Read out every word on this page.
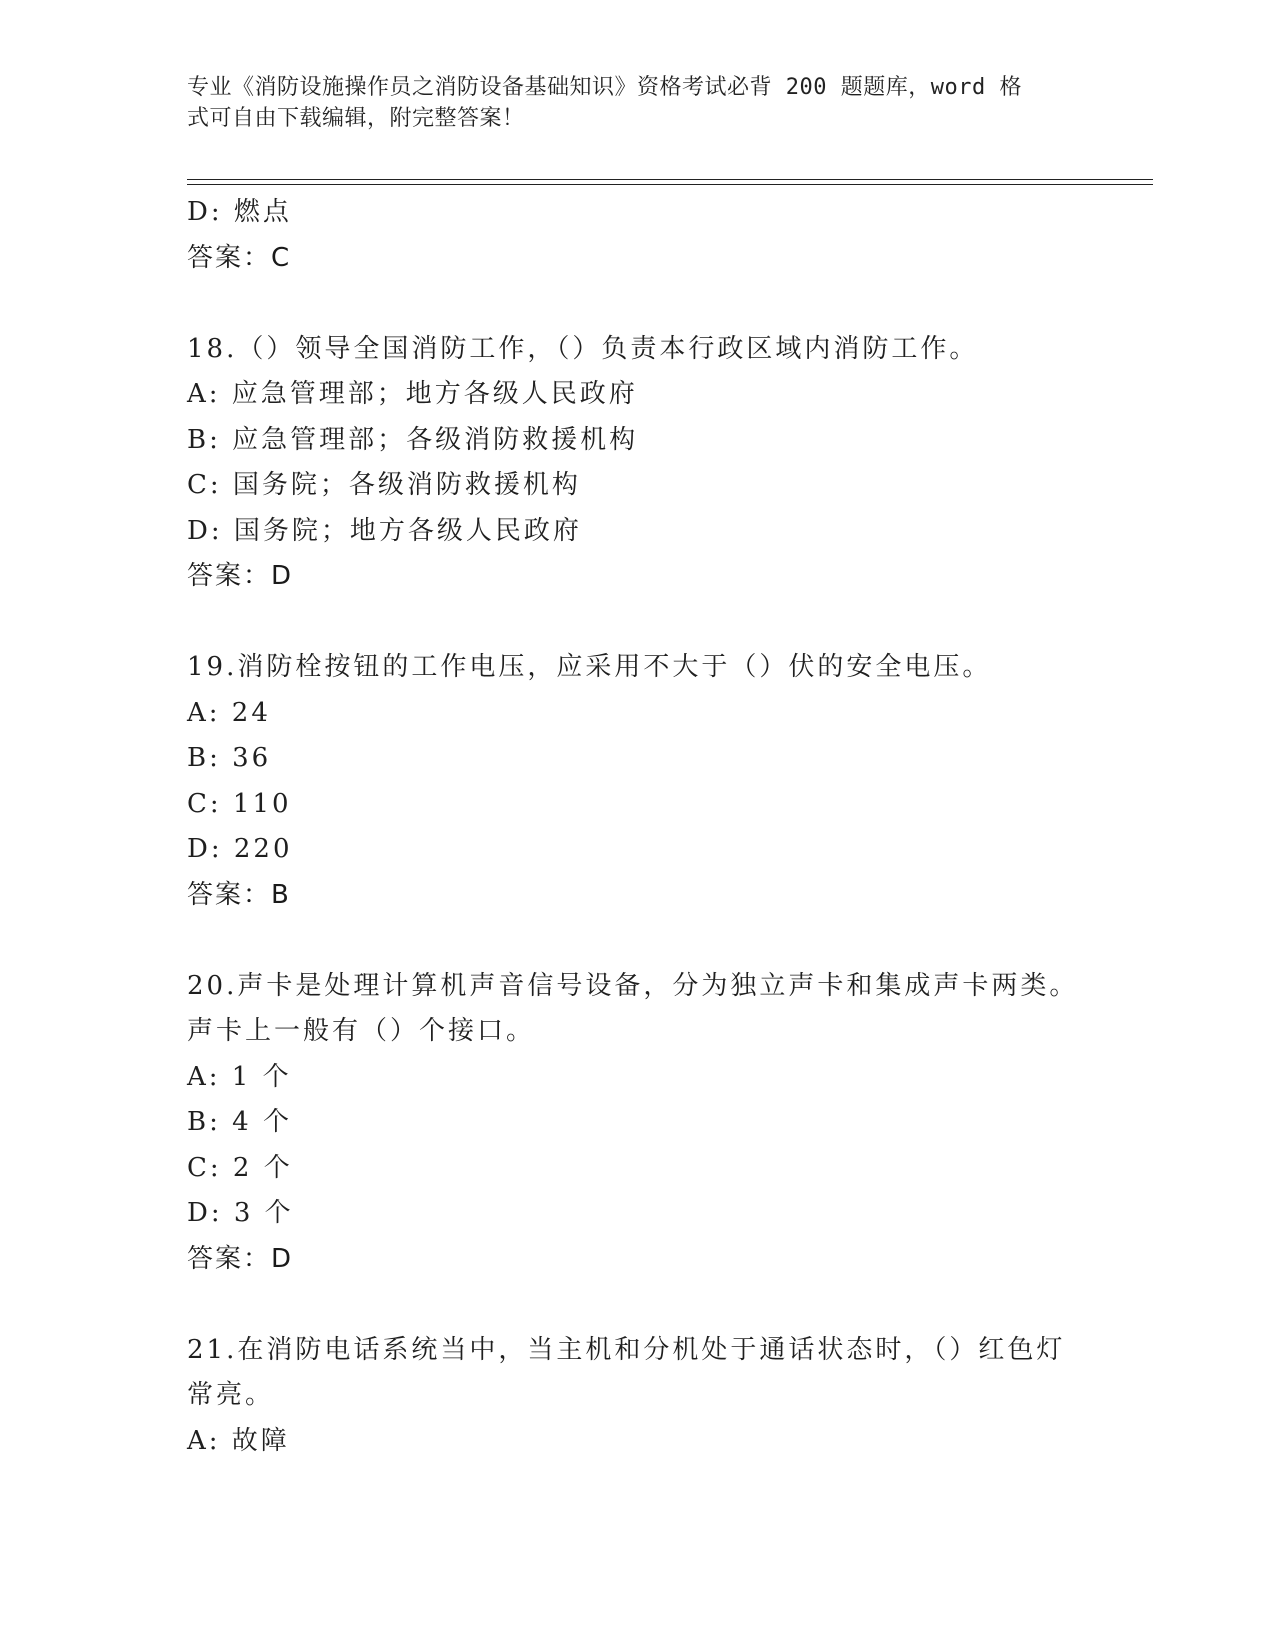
专业《消防设施操作员之消防设备基础知识》资格考试必背 200 题题库，word 格
式可自由下载编辑，附完整答案！
D: 燃点
答案：C
18.（）领导全国消防工作，（）负责本行政区域内消防工作。
A: 应急管理部；地方各级人民政府
B: 应急管理部；各级消防救援机构
C: 国务院；各级消防救援机构
D: 国务院；地方各级人民政府
答案：D
19.消防栓按钮的工作电压，应采用不大于（）伏的安全电压。
A: 24
B: 36
C: 110
D: 220
答案：B
20.声卡是处理计算机声音信号设备，分为独立声卡和集成声卡两类。
声卡上一般有（）个接口。
A: 1 个
B: 4 个
C: 2 个
D: 3 个
答案：D
21.在消防电话系统当中，当主机和分机处于通话状态时，（）红色灯
常亮。
A: 故障
